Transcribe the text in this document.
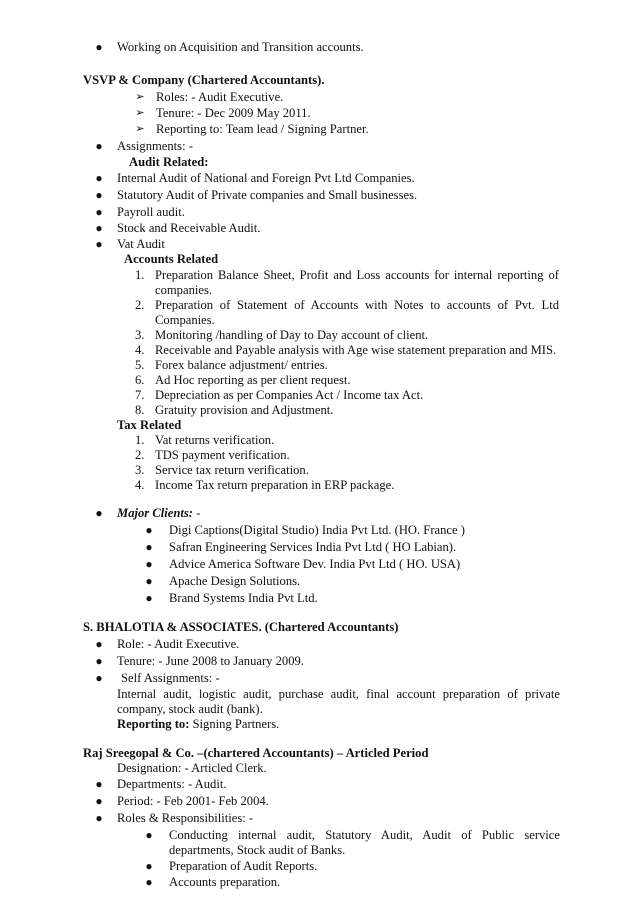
● Working on Acquisition and Transition accounts.
VSVP & Company (Chartered Accountants).
➢ Roles: - Audit Executive.
➢ Tenure: - Dec 2009 May 2011.
➢ Reporting to: Team lead / Signing Partner.
● Assignments: -
Audit Related:
● Internal Audit of National and Foreign Pvt Ltd Companies.
● Statutory Audit of Private companies and Small businesses.
● Payroll audit.
● Stock and Receivable Audit.
● Vat Audit
Accounts Related
1. Preparation Balance Sheet, Profit and Loss accounts for internal reporting of
companies.
2. Preparation of Statement of Accounts with Notes to accounts of Pvt. Ltd
Companies.
3. Monitoring /handling of Day to Day account of client.
4. Receivable and Payable analysis with Age wise statement preparation and MIS.
5. Forex balance adjustment/ entries.
6. Ad Hoc reporting as per client request.
7. Depreciation as per Companies Act / Income tax Act.
8. Gratuity provision and Adjustment.
Tax Related
1. Vat returns verification.
2. TDS payment verification.
3. Service tax return verification.
4. Income Tax return preparation in ERP package.
● Major Clients: -
● Digi Captions(Digital Studio) India Pvt Ltd. (HO. France )
● Safran Engineering Services India Pvt Ltd ( HO Labian).
● Advice America Software Dev. India Pvt Ltd ( HO. USA)
● Apache Design Solutions.
● Brand Systems India Pvt Ltd.
S. BHALOTIA & ASSOCIATES. (Chartered Accountants)
● Role: - Audit Executive.
● Tenure: - June 2008 to January 2009.
● Self Assignments: -
Internal audit, logistic audit, purchase audit, final account preparation of private
company, stock audit (bank).
Reporting to: Signing Partners.
Raj Sreegopal & Co. –(chartered Accountants) – Articled Period
Designation: - Articled Clerk.
● Departments: - Audit.
● Period: - Feb 2001- Feb 2004.
● Roles & Responsibilities: -
● Conducting internal audit, Statutory Audit, Audit of Public service
departments, Stock audit of Banks.
● Preparation of Audit Reports.
● Accounts preparation.
